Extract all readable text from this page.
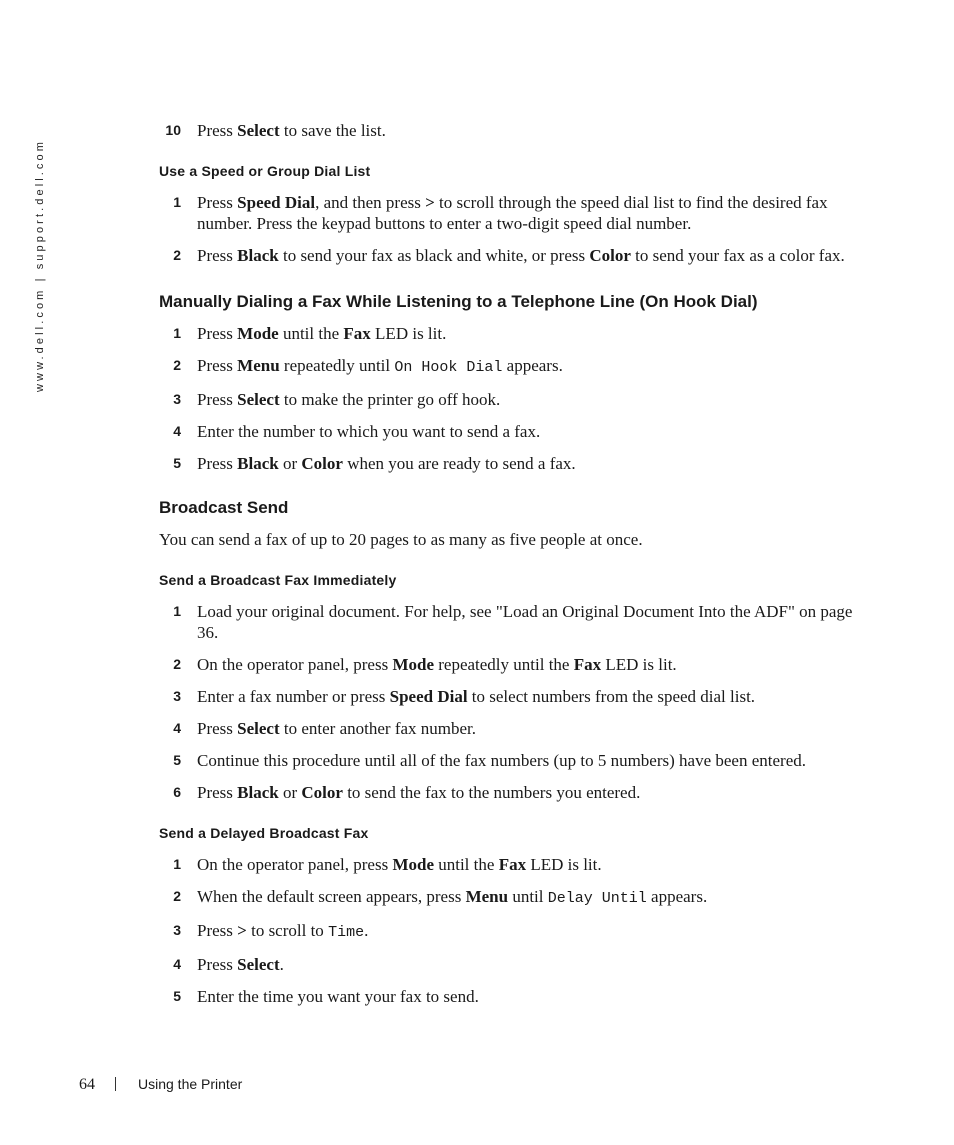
www.dell.com | support.dell.com
10 Press Select to save the list.
Use a Speed or Group Dial List
1 Press Speed Dial, and then press > to scroll through the speed dial list to find the desired fax number. Press the keypad buttons to enter a two-digit speed dial number.
2 Press Black to send your fax as black and white, or press Color to send your fax as a color fax.
Manually Dialing a Fax While Listening to a Telephone Line (On Hook Dial)
1 Press Mode until the Fax LED is lit.
2 Press Menu repeatedly until On Hook Dial appears.
3 Press Select to make the printer go off hook.
4 Enter the number to which you want to send a fax.
5 Press Black or Color when you are ready to send a fax.
Broadcast Send

You can send a fax of up to 20 pages to as many as five people at once.

Send a Broadcast Fax Immediately
1 Load your original document. For help, see "Load an Original Document Into the ADF" on page 36.
2 On the operator panel, press Mode repeatedly until the Fax LED is lit.
3 Enter a fax number or press Speed Dial to select numbers from the speed dial list.
4 Press Select to enter another fax number.
5 Continue this procedure until all of the fax numbers (up to 5 numbers) have been entered.
6 Press Black or Color to send the fax to the numbers you entered.
Send a Delayed Broadcast Fax
1 On the operator panel, press Mode until the Fax LED is lit.
2 When the default screen appears, press Menu until Delay Until appears.
3 Press > to scroll to Time.
4 Press Select.
5 Enter the time you want your fax to send.
64	Using the Printer
